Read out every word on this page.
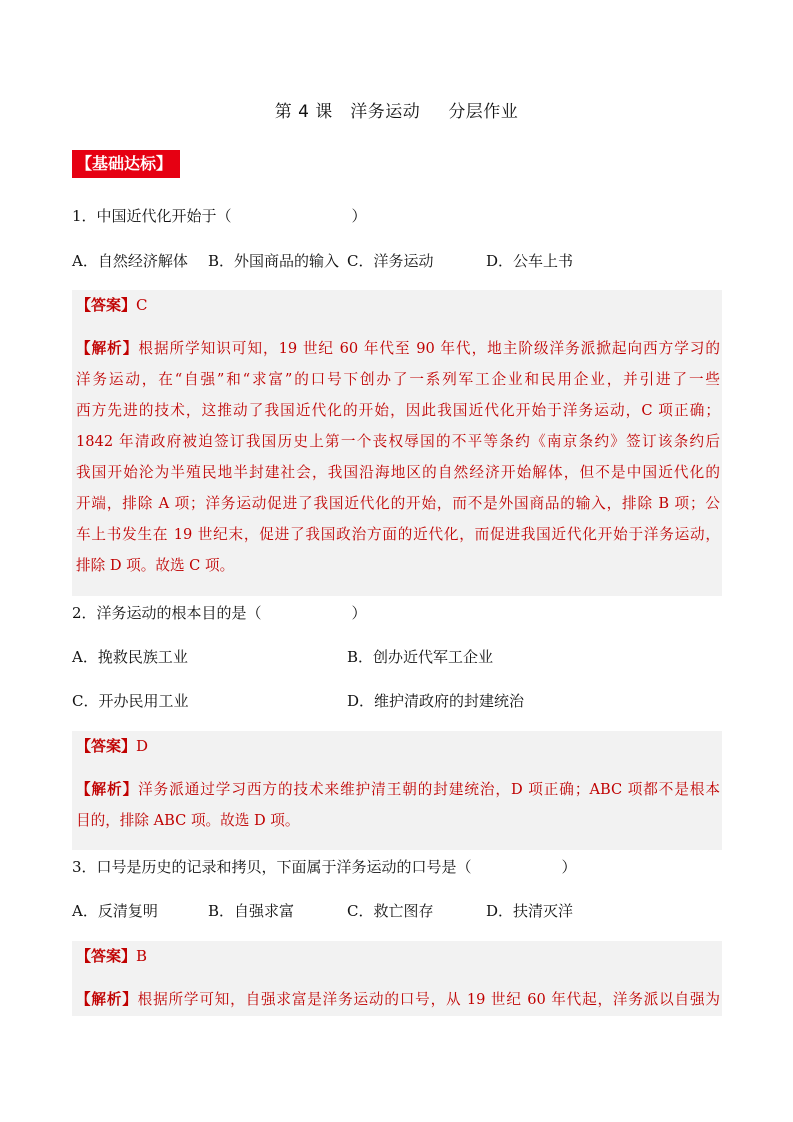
第 4 课　洋务运动 分层作业
【基础达标】
1．中国近代化开始于（　　　　　　　　）
A．自然经济解体 B．外国商品的输入 C．洋务运动	D．公车上书
【答案】C
【解析】根据所学知识可知，19 世纪 60 年代至 90 年代，地主阶级洋务派掀起向西方学习的
洋务运动，在“自强”和“求富”的口号下创办了一系列军工企业和民用企业，并引进了一些
西方先进的技术，这推动了我国近代化的开始，因此我国近代化开始于洋务运动，C 项正确；
1842 年清政府被迫签订我国历史上第一个丧权辱国的不平等条约《南京条约》签订该条约后
我国开始沦为半殖民地半封建社会，我国沿海地区的自然经济开始解体，但不是中国近代化的
开端，排除 A 项；洋务运动促进了我国近代化的开始，而不是外国商品的输入，排除 B 项；公
车上书发生在 19 世纪末，促进了我国政治方面的近代化，而促进我国近代化开始于洋务运动，
排除 D 项。故选 C 项。
2．洋务运动的根本目的是（　　　　　　）
A．挽救民族工业	B．创办近代军工企业
C．开办民用工业	D．维护清政府的封建统治
【答案】D
【解析】洋务派通过学习西方的技术来维护清王朝的封建统治，D 项正确；ABC 项都不是根本
目的，排除 ABC 项。故选 D 项。
3．口号是历史的记录和拷贝，下面属于洋务运动的口号是（　　　　　　）
A．反清复明	B．自强求富	C．救亡图存	D．扶清灭洋
【答案】B
【解析】根据所学可知，自强求富是洋务运动的口号，从 19 世纪 60 年代起，洋务派以自强为
